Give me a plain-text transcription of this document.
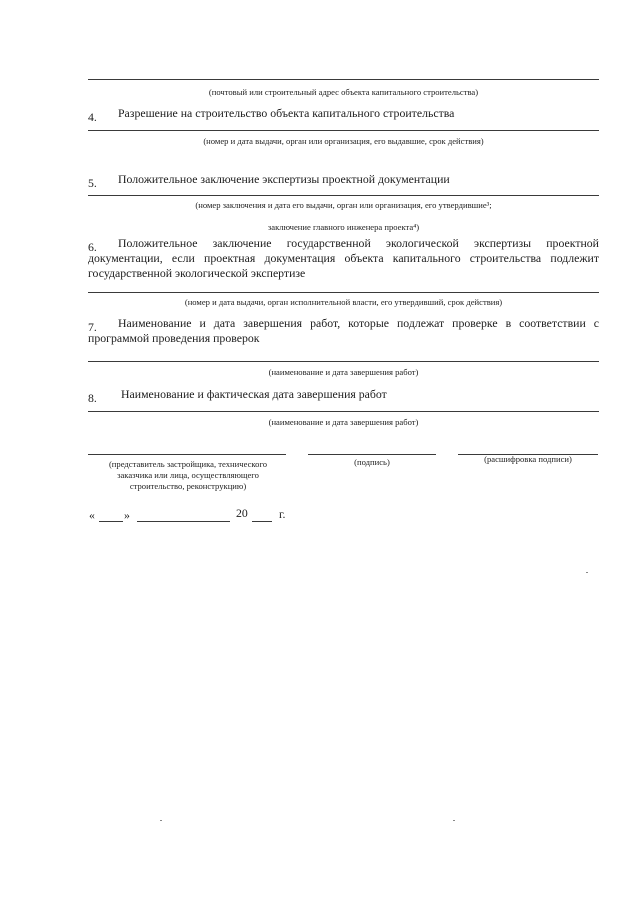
(почтовый или строительный адрес объекта капитального строительства)
4. Разрешение на строительство объекта капитального строительства
(номер и дата выдачи, орган или организация, его выдавшие, срок действия)
5. Положительное заключение экспертизы проектной документации
(номер заключения и дата его выдачи, орган или организация, его утвердившие³;
заключение главного инженера проекта⁴)
6.	Положительное заключение государственной экологической экспертизы проектной документации, если проектная документация объекта капитального строительства подлежит государственной экологической экспертизе
(номер и дата выдачи, орган исполнительной власти, его утвердивший, срок действия)
7.	Наименование и дата завершения работ, которые подлежат проверке в соответствии с программой проведения проверок
(наименование и дата завершения работ)
8. Наименование и фактическая дата завершения работ
(наименование и дата завершения работ)
(представитель застройщика, технического заказчика или лица, осуществляющего строительство, реконструкцию)
(подпись)	(расшифровка подписи)
« »	20	г.
